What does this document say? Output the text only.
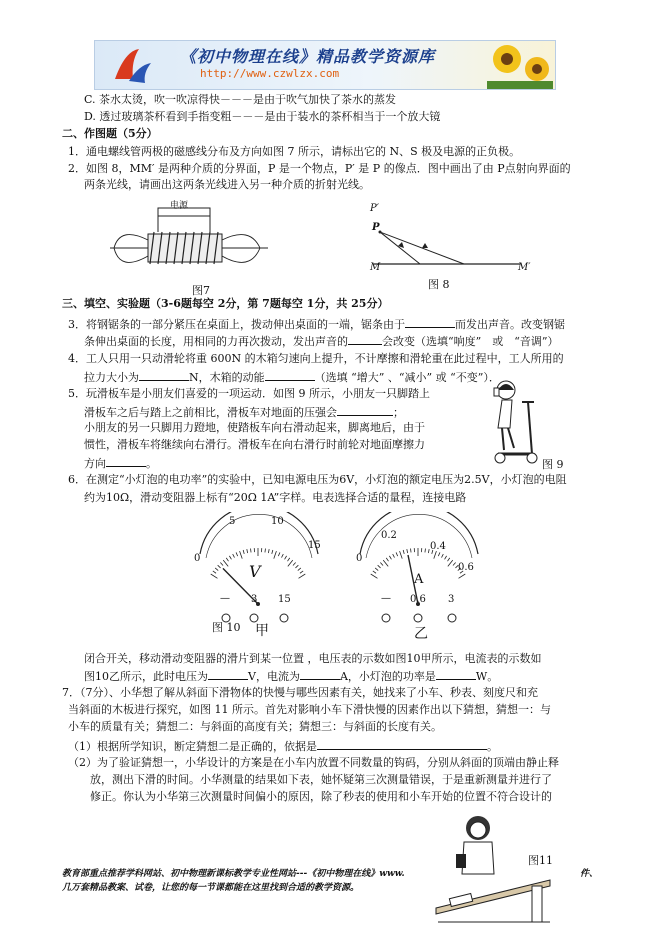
《初中物理在线》精品教学资源库
http://www.czwlzx.com
C. 茶水太烫，吹一吹凉得快－－－是由于吹气加快了茶水的蒸发
D. 透过玻璃茶杯看到手指变粗－－－是由于装水的茶杯相当于一个放大镜
二、作图题（5分）
1．通电螺线管两极的磁感线分布及方向如图 7 所示，请标出它的 N、S 极及电源的正负极。
2．如图 8，MM′ 是两种介质的分界面，P 是一个物点，P′ 是 P 的像点．图中画出了由 P点射向界面的
两条光线，请画出这两条光线进入另一种介质的折射光线。
电源
图7
P′
P
M	M′
图 8
三、填空、实验题（3-6题每空 2分，第 7题每空 1分，共 25分）
3．将钢锯条的一部分紧压在桌面上，拨动伸出桌面的一端，锯条由于	而发出声音。改变钢锯
条伸出桌面的长度，用相同的力再次拨动，发出声音的	会改变（选填“响度”　或　“音调”）
4．工人只用一只动滑轮将重 600N 的木箱匀速向上提升，不计摩擦和滑轮重在此过程中，工人所用的
拉力大小为	N，木箱的动能	（选填 “增大” 、“减小” 或 “不变”）．
5．玩滑板车是小朋友们喜爱的一项运动．如图 9 所示，小朋友一只脚踏上
滑板车之后与踏上之前相比，滑板车对地面的压强会	；
小朋友的另一只脚用力蹬地，使踏板车向右滑动起来，脚离地后，由于
惯性，滑板车将继续向右滑行。滑板车在向右滑行时前轮对地面摩擦力
方向	。	图 9
6．在测定“小灯泡的电功率”的实验中，已知电源电压为6V，小灯泡的额定电压为2.5V，小灯泡的电阻
约为10Ω，滑动变阻器上标有“20Ω 1A”字样。电表选择合适的量程，连接电路
0
5	10
15
V
0
0.2
0.4
0.6
A
— 3 15	— 0.6 3
图 10 甲	乙
闭合开关，移动滑动变阻器的滑片到某一位置 ，电压表的示数如图10甲所示，电流表的示数如
图10乙所示，此时电压为	V，电流为	A，小灯泡的功率是	W。
7．（7分）、小华想了解从斜面下滑物体的快慢与哪些因素有关，她找来了小车、秒表、刻度尺和充
当斜面的木板进行探究，如图 11 所示。首先对影响小车下滑快慢的因素作出以下猜想，猜想一：与
小车的质量有关；猜想二：与斜面的高度有关；猜想三：与斜面的长度有关。
（1）根据所学知识，断定猜想二是正确的，依据是	。
（2）为了验证猜想一，小华设计的方案是在小车内放置不同数量的钩码，分别从斜面的顶端由静止释
放，测出下滑的时间。小华测量的结果如下表，她怀疑第三次测量错误，于是重新测量并进行了
修正。你认为小华第三次测量时间偏小的原因，除了秒表的使用和小车开始的位置不符合设计的
图11
教育部重点推荐学科网站、初中物理新课标教学专业性网站---《初中物理在线》www.	件、
几万套精品教案、试卷，让您的每一节课都能在这里找到合适的教学资源。
